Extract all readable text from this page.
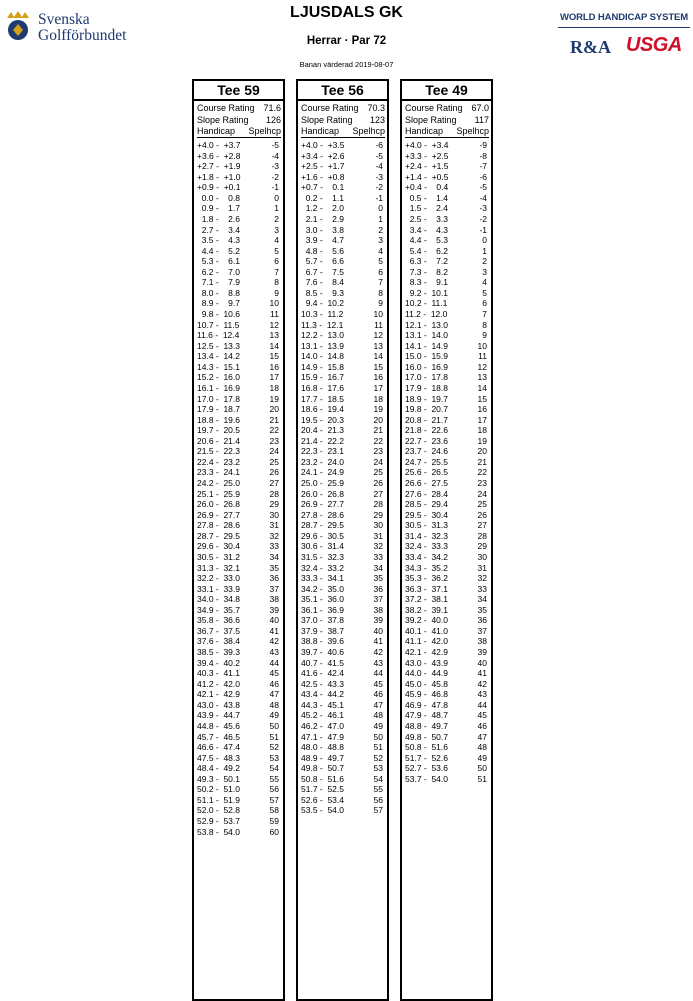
Svenska
Golfförbundet
LJUSDALS GK
Herrar · Par 72
Banan värderad 2019-08-07
WORLD HANDICAP SYSTEM
R&A USGA
Tee 59
Course Rating 71.6
Slope Rating 126
Handicap Spelhcp
+4.0 -  +3.7	-5
+3.6 -  +2.8	-4
+2.7 -  +1.9	-3
+1.8 -  +1.0	-2
+0.9 -  +0.1	-1
0.0 -    0.8	0
0.9 -    1.7	1
1.8 -    2.6	2
2.7 -    3.4	3
3.5 -    4.3	4
4.4 -    5.2	5
5.3 -    6.1	6
6.2 -    7.0	7
7.1 -    7.9	8
8.0 -    8.8	9
8.9 -    9.7	10
9.8 -  10.6	11
10.7 -  11.5	12
11.6 -  12.4	13
12.5 -  13.3	14
13.4 -  14.2	15
14.3 -  15.1	16
15.2 -  16.0	17
16.1 -  16.9	18
17.0 -  17.8	19
17.9 -  18.7	20
18.8 -  19.6	21
19.7 -  20.5	22
20.6 -  21.4	23
21.5 -  22.3	24
22.4 -  23.2	25
23.3 -  24.1	26
24.2 -  25.0	27
25.1 -  25.9	28
26.0 -  26.8	29
26.9 -  27.7	30
27.8 -  28.6	31
28.7 -  29.5	32
29.6 -  30.4	33
30.5 -  31.2	34
31.3 -  32.1	35
32.2 -  33.0	36
33.1 -  33.9	37
34.0 -  34.8	38
34.9 -  35.7	39
35.8 -  36.6	40
36.7 -  37.5	41
37.6 -  38.4	42
38.5 -  39.3	43
39.4 -  40.2	44
40.3 -  41.1	45
41.2 -  42.0	46
42.1 -  42.9	47
43.0 -  43.8	48
43.9 -  44.7	49
44.8 -  45.6	50
45.7 -  46.5	51
46.6 -  47.4	52
47.5 -  48.3	53
48.4 -  49.2	54
49.3 -  50.1	55
50.2 -  51.0	56
51.1 -  51.9	57
52.0 -  52.8	58
52.9 -  53.7	59
53.8 -  54.0	60
Tee 56
Course Rating 70.3
Slope Rating 123
Handicap Spelhcp
+4.0 -  +3.5	-6
+3.4 -  +2.6	-5
+2.5 -  +1.7	-4
+1.6 -  +0.8	-3
+0.7 -    0.1	-2
0.2 -    1.1	-1
1.2 -    2.0	0
2.1 -    2.9	1
3.0 -    3.8	2
3.9 -    4.7	3
4.8 -    5.6	4
5.7 -    6.6	5
6.7 -    7.5	6
7.6 -    8.4	7
8.5 -    9.3	8
9.4 -  10.2	9
10.3 -  11.2	10
11.3 -  12.1	11
12.2 -  13.0	12
13.1 -  13.9	13
14.0 -  14.8	14
14.9 -  15.8	15
15.9 -  16.7	16
16.8 -  17.6	17
17.7 -  18.5	18
18.6 -  19.4	19
19.5 -  20.3	20
20.4 -  21.3	21
21.4 -  22.2	22
22.3 -  23.1	23
23.2 -  24.0	24
24.1 -  24.9	25
25.0 -  25.9	26
26.0 -  26.8	27
26.9 -  27.7	28
27.8 -  28.6	29
28.7 -  29.5	30
29.6 -  30.5	31
30.6 -  31.4	32
31.5 -  32.3	33
32.4 -  33.2	34
33.3 -  34.1	35
34.2 -  35.0	36
35.1 -  36.0	37
36.1 -  36.9	38
37.0 -  37.8	39
37.9 -  38.7	40
38.8 -  39.6	41
39.7 -  40.6	42
40.7 -  41.5	43
41.6 -  42.4	44
42.5 -  43.3	45
43.4 -  44.2	46
44.3 -  45.1	47
45.2 -  46.1	48
46.2 -  47.0	49
47.1 -  47.9	50
48.0 -  48.8	51
48.9 -  49.7	52
49.8 -  50.7	53
50.8 -  51.6	54
51.7 -  52.5	55
52.6 -  53.4	56
53.5 -  54.0	57
Tee 49
Course Rating 67.0
Slope Rating 117
Handicap Spelhcp
+4.0 -  +3.4	-9
+3.3 -  +2.5	-8
+2.4 -  +1.5	-7
+1.4 -  +0.5	-6
+0.4 -    0.4	-5
0.5 -    1.4	-4
1.5 -    2.4	-3
2.5 -    3.3	-2
3.4 -    4.3	-1
4.4 -    5.3	0
5.4 -    6.2	1
6.3 -    7.2	2
7.3 -    8.2	3
8.3 -    9.1	4
9.2 -  10.1	5
10.2 -  11.1	6
11.2 -  12.0	7
12.1 -  13.0	8
13.1 -  14.0	9
14.1 -  14.9	10
15.0 -  15.9	11
16.0 -  16.9	12
17.0 -  17.8	13
17.9 -  18.8	14
18.9 -  19.7	15
19.8 -  20.7	16
20.8 -  21.7	17
21.8 -  22.6	18
22.7 -  23.6	19
23.7 -  24.6	20
24.7 -  25.5	21
25.6 -  26.5	22
26.6 -  27.5	23
27.6 -  28.4	24
28.5 -  29.4	25
29.5 -  30.4	26
30.5 -  31.3	27
31.4 -  32.3	28
32.4 -  33.3	29
33.4 -  34.2	30
34.3 -  35.2	31
35.3 -  36.2	32
36.3 -  37.1	33
37.2 -  38.1	34
38.2 -  39.1	35
39.2 -  40.0	36
40.1 -  41.0	37
41.1 -  42.0	38
42.1 -  42.9	39
43.0 -  43.9	40
44.0 -  44.9	41
45.0 -  45.8	42
45.9 -  46.8	43
46.9 -  47.8	44
47.9 -  48.7	45
48.8 -  49.7	46
49.8 -  50.7	47
50.8 -  51.6	48
51.7 -  52.6	49
52.7 -  53.6	50
53.7 -  54.0	51
